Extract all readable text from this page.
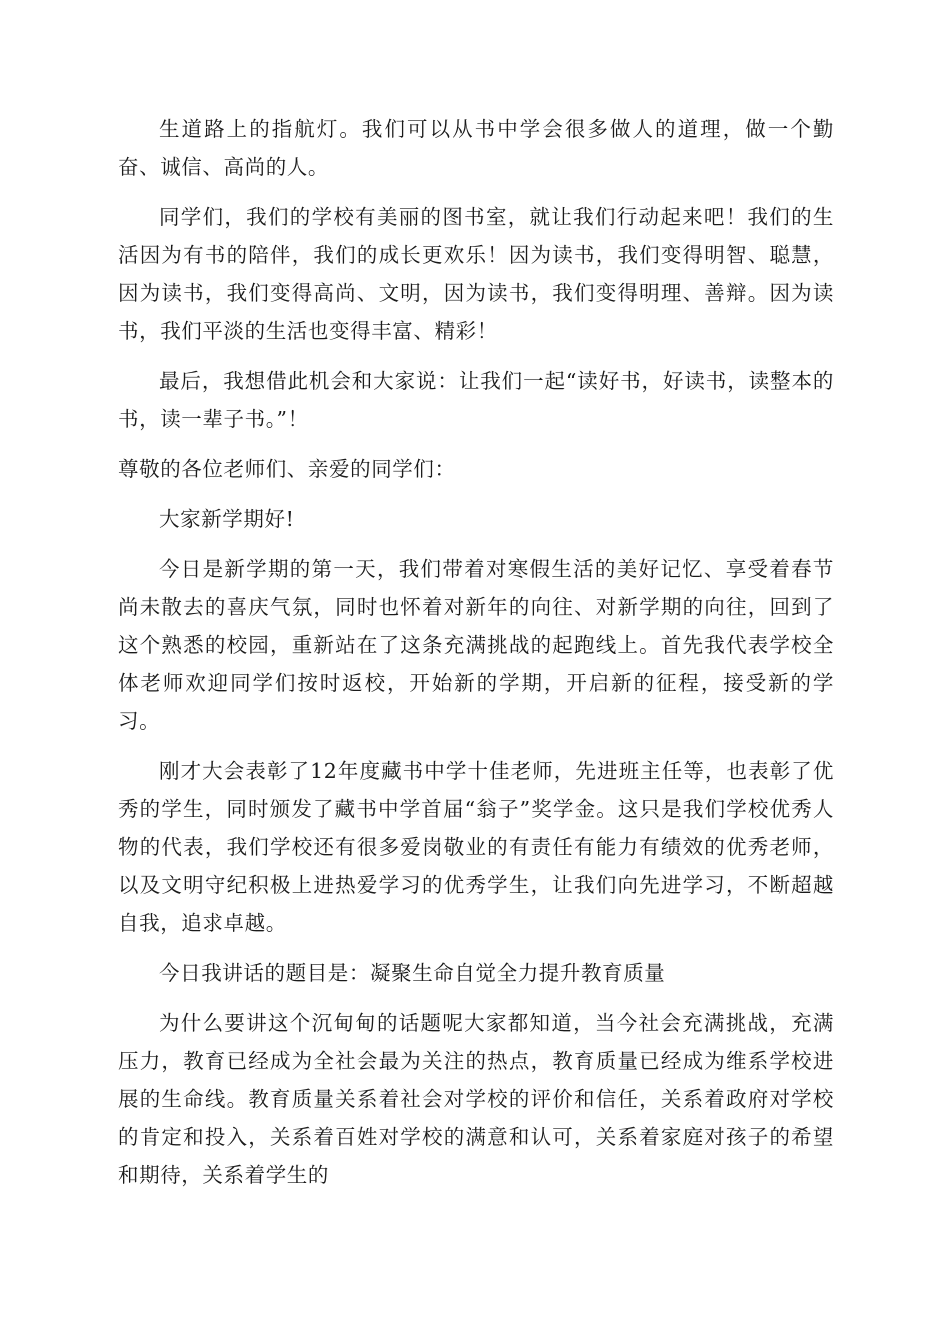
生道路上的指航灯。我们可以从书中学会很多做人的道理，做一个勤奋、诚信、高尚的人。

同学们，我们的学校有美丽的图书室，就让我们行动起来吧！我们的生活因为有书的陪伴，我们的成长更欢乐！因为读书，我们变得明智、聪慧，因为读书，我们变得高尚、文明，因为读书，我们变得明理、善辩。因为读书，我们平淡的生活也变得丰富、精彩！

最后，我想借此机会和大家说：让我们一起“读好书，好读书，读整本的书，读一辈子书。”！

尊敬的各位老师们、亲爱的同学们：

大家新学期好!

今日是新学期的第一天，我们带着对寒假生活的美好记忆、享受着春节尚未散去的喜庆气氛，同时也怀着对新年的向往、对新学期的向往，回到了这个熟悉的校园，重新站在了这条充满挑战的起跑线上。首先我代表学校全体老师欢迎同学们按时返校，开始新的学期，开启新的征程，接受新的学习。

刚才大会表彰了12年度藏书中学十佳老师，先进班主任等，也表彰了优秀的学生，同时颁发了藏书中学首届“翁子”奖学金。这只是我们学校优秀人物的代表，我们学校还有很多爱岗敬业的有责任有能力有绩效的优秀老师，以及文明守纪积极上进热爱学习的优秀学生，让我们向先进学习，不断超越自我，追求卓越。

今日我讲话的题目是：凝聚生命自觉全力提升教育质量

为什么要讲这个沉甸甸的话题呢大家都知道，当今社会充满挑战，充满压力，教育已经成为全社会最为关注的热点，教育质量已经成为维系学校进展的生命线。教育质量关系着社会对学校的评价和信任，关系着政府对学校的肯定和投入，关系着百姓对学校的满意和认可，关系着家庭对孩子的希望和期待，关系着学生的
